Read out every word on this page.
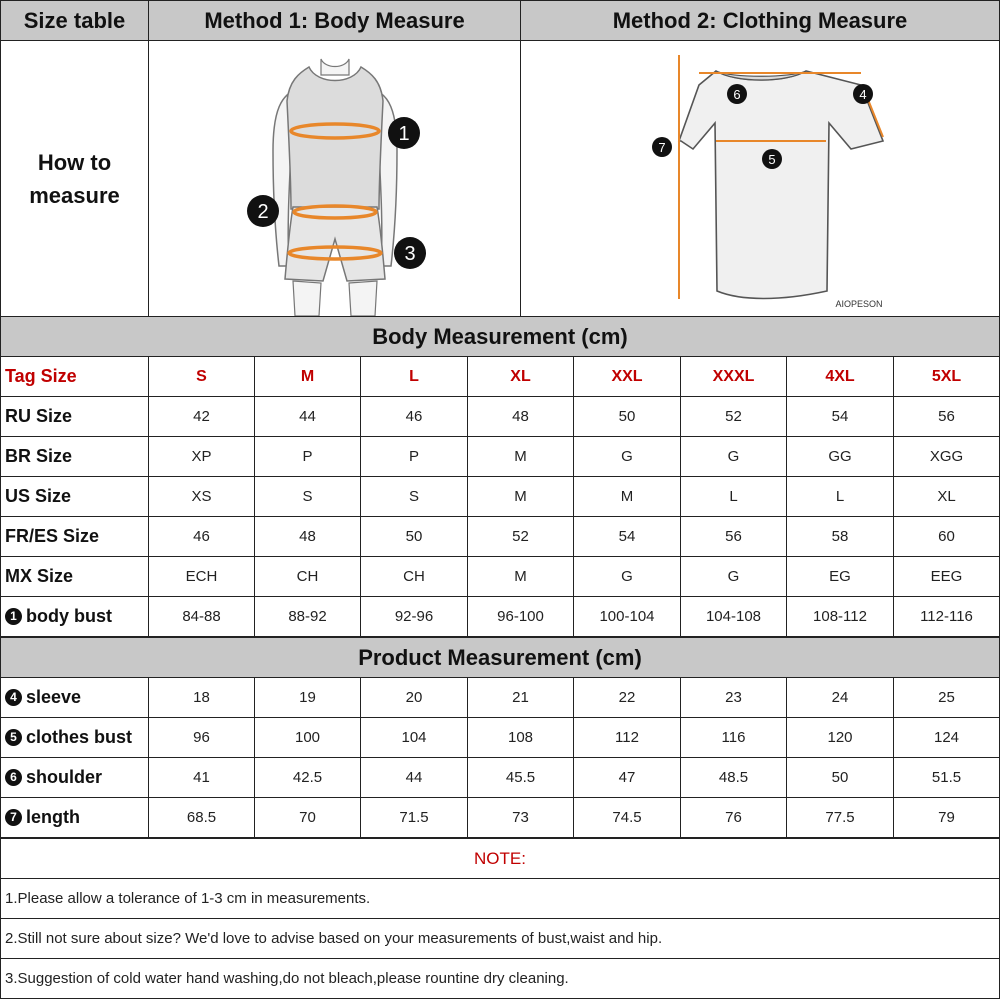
Size table	Method 1: Body Measure	Method 2: Clothing Measure
How to
measure
1
2
3
4
5
6
7
AIOPESON
Body Measurement (cm)
Tag Size	S	M	L	XL	XXL	XXXL	4XL	5XL
RU Size	42	44	46	48	50	52	54	56
BR Size	XP	P	P	M	G	G	GG	XGG
US Size	XS	S	S	M	M	L	L	XL
FR/ES Size	46	48	50	52	54	56	58	60
MX Size	ECH	CH	CH	M	G	G	EG	EEG
1 body bust	84-88	88-92	92-96	96-100	100-104	104-108	108-112	112-116
Product Measurement (cm)
4 sleeve	18	19	20	21	22	23	24	25
5 clothes bust	96	100	104	108	112	116	120	124
6 shoulder	41	42.5	44	45.5	47	48.5	50	51.5
7 length	68.5	70	71.5	73	74.5	76	77.5	79
NOTE:
1.Please allow a tolerance of 1-3 cm in measurements.
2.Still not sure about size? We'd love to advise based on your measurements of bust,waist and hip.
3.Suggestion of cold water hand washing,do not bleach,please rountine dry cleaning.
